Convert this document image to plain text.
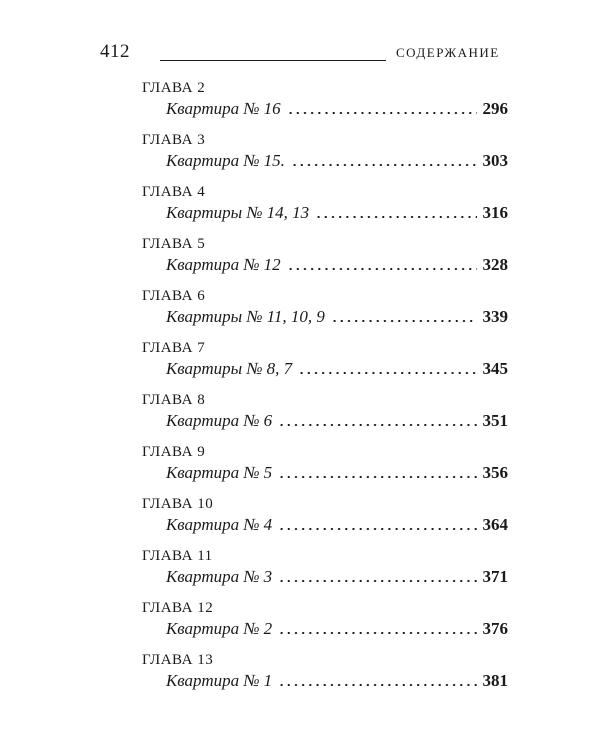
412	СОДЕРЖАНИЕ
ГЛАВА 2
Квартира № 16	296
ГЛАВА 3
Квартира № 15.	303
ГЛАВА 4
Квартиры № 14, 13	316
ГЛАВА 5
Квартира № 12	328
ГЛАВА 6
Квартиры № 11, 10, 9	339
ГЛАВА 7
Квартиры № 8, 7	345
ГЛАВА 8
Квартира № 6	351
ГЛАВА 9
Квартира № 5	356
ГЛАВА 10
Квартира № 4	364
ГЛАВА 11
Квартира № 3	371
ГЛАВА 12
Квартира № 2	376
ГЛАВА 13
Квартира № 1	381
